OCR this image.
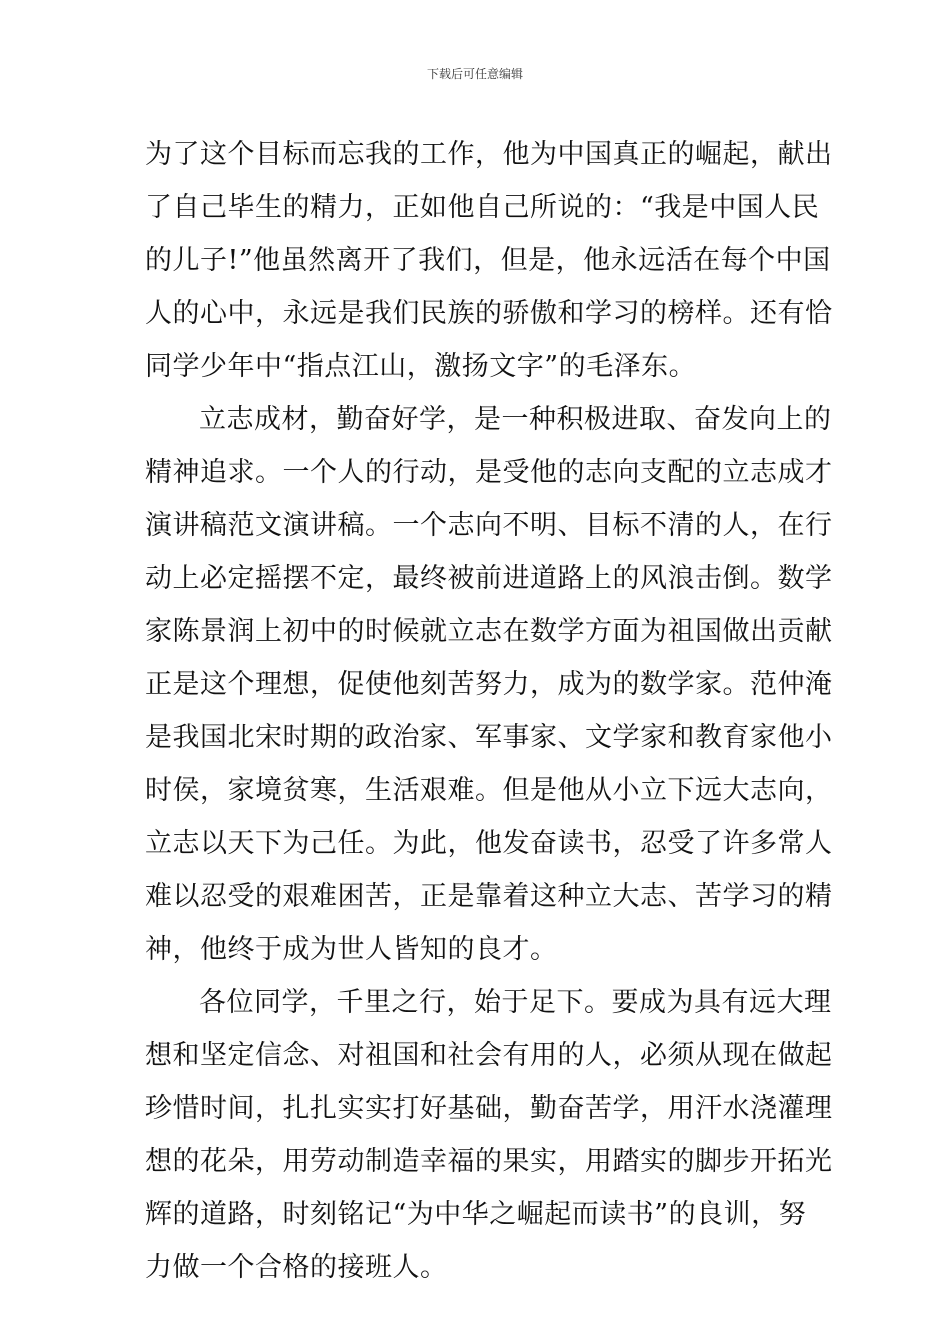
下载后可任意编辑
为了这个目标而忘我的工作，他为中国真正的崛起，献出
了自己毕生的精力，正如他自己所说的：“我是中国人民
的儿子!”他虽然离开了我们，但是，他永远活在每个中国
人的心中，永远是我们民族的骄傲和学习的榜样。还有恰
同学少年中“指点江山，激扬文字”的毛泽东。
立志成材，勤奋好学，是一种积极进取、奋发向上的
精神追求。一个人的行动，是受他的志向支配的立志成才
演讲稿范文演讲稿。一个志向不明、目标不清的人，在行
动上必定摇摆不定，最终被前进道路上的风浪击倒。数学
家陈景润上初中的时候就立志在数学方面为祖国做出贡献
正是这个理想，促使他刻苦努力，成为的数学家。范仲淹
是我国北宋时期的政治家、军事家、文学家和教育家他小
时侯，家境贫寒，生活艰难。但是他从小立下远大志向，
立志以天下为己任。为此，他发奋读书，忍受了许多常人
难以忍受的艰难困苦，正是靠着这种立大志、苦学习的精
神，他终于成为世人皆知的良才。
各位同学，千里之行，始于足下。要成为具有远大理
想和坚定信念、对祖国和社会有用的人，必须从现在做起
珍惜时间，扎扎实实打好基础，勤奋苦学，用汗水浇灌理
想的花朵，用劳动制造幸福的果实，用踏实的脚步开拓光
辉的道路，时刻铭记“为中华之崛起而读书”的良训，努
力做一个合格的接班人。
